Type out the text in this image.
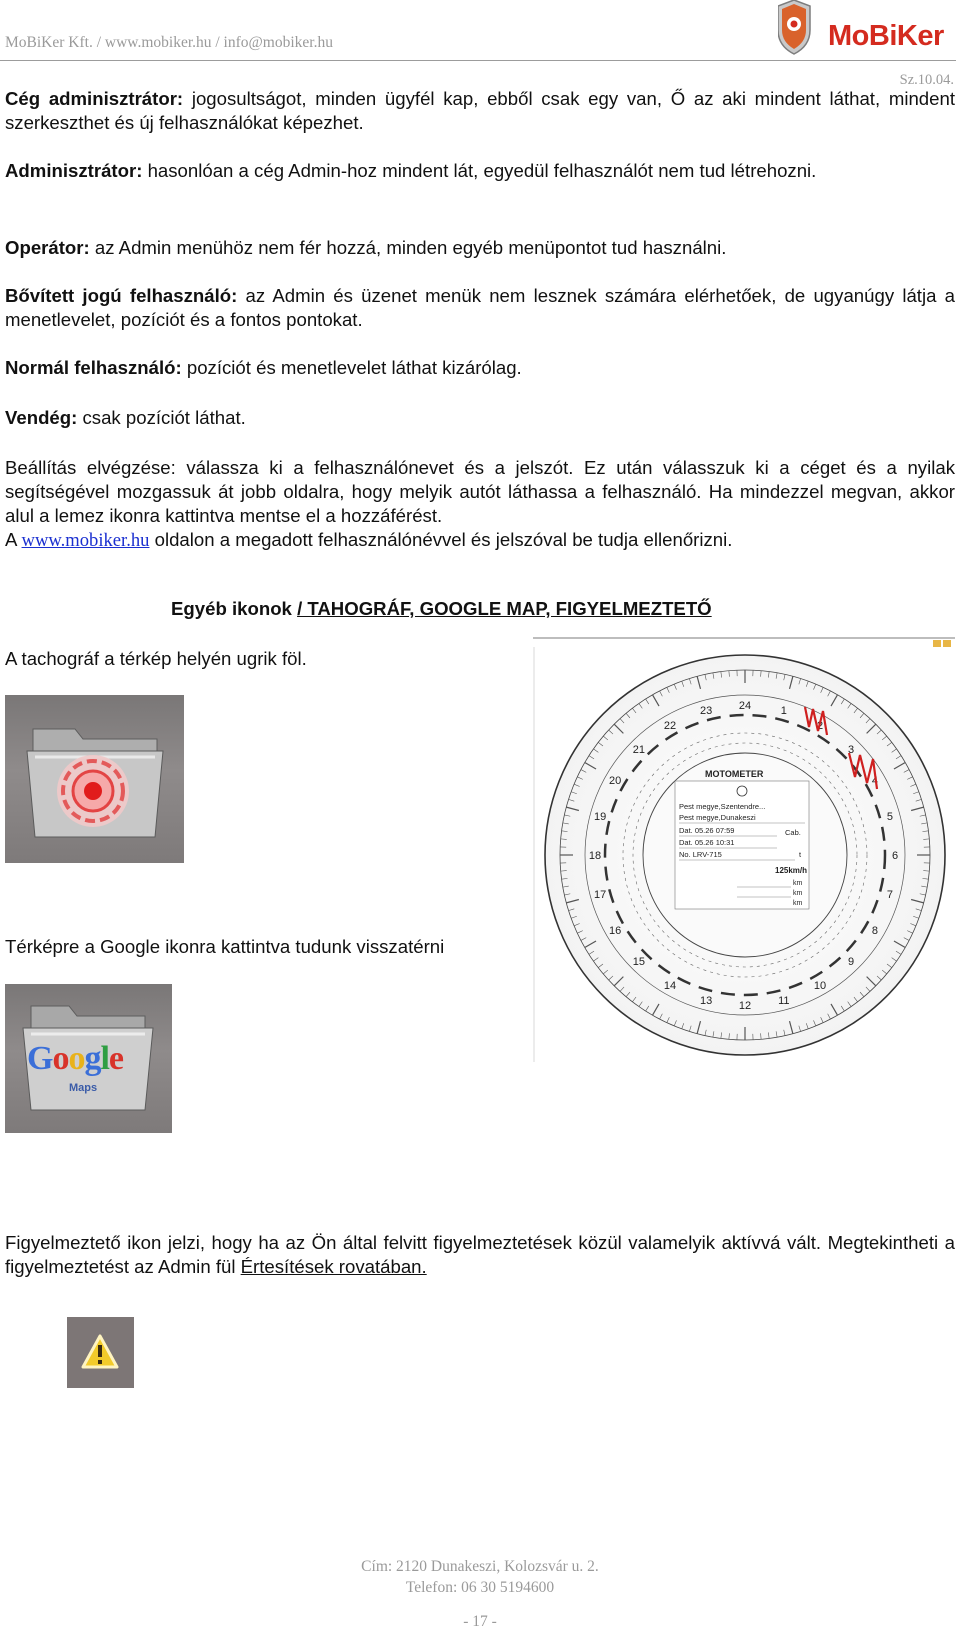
MoBiKer Kft. / www.mobiker.hu / info@mobiker.hu	MoBiKer
Sz.10.04.
Cég adminisztrátor: jogosultságot, minden ügyfél kap, ebből csak egy van, Ő az aki mindent láthat, mindent szerkeszthet és új felhasználókat képezhet.
Adminisztrátor: hasonlóan a cég Admin-hoz mindent lát, egyedül felhasználót nem tud létrehozni.
Operátor: az Admin menühöz nem fér hozzá, minden egyéb menüpontot tud használni.
Bővített jogú felhasználó: az Admin és üzenet menük nem lesznek számára elérhetőek, de ugyanúgy látja a menetlevelet, pozíciót és a fontos pontokat.
Normál felhasználó: pozíciót és menetlevelet láthat kizárólag.
Vendég: csak pozíciót láthat.
Beállítás elvégzése: válassza ki a felhasználónevet és a jelszót. Ez után válasszuk ki a céget és a nyilak segítségével mozgassuk át jobb oldalra, hogy melyik autót láthassa a felhasználó. Ha mindezzel megvan, akkor alul a lemez ikonra kattintva mentse el a hozzáférést.
A www.mobiker.hu oldalon a megadott felhasználónévvel és jelszóval be tudja ellenőrizni.
Egyéb ikonok / TAHOGRÁF, GOOGLE MAP, FIGYELMEZTETŐ
A tachográf a térkép helyén ugrik föl.
Térképre a Google ikonra kattintva tudunk visszatérni
Google
Maps
1
2
3
4
5
6
7
8
9
10
11
12
13
14
15
16
17
18
19
20
21
22
23 24
MOTOMETER
Pest megye,Szentendre...
Pest megye,Dunakeszi
Dat. 05.26 07:59	Cab.
Dat. 05.26 10:31
No. LRV-715	t
125km/h
km
km
km
Figyelmeztető ikon jelzi, hogy ha az Ön által felvitt figyelmeztetések közül valamelyik aktívvá vált. Megtekintheti a figyelmeztetést az Admin fül Értesítések rovatában.
Cím: 2120 Dunakeszi, Kolozsvár u. 2.
Telefon: 06 30 5194600
- 17 -
